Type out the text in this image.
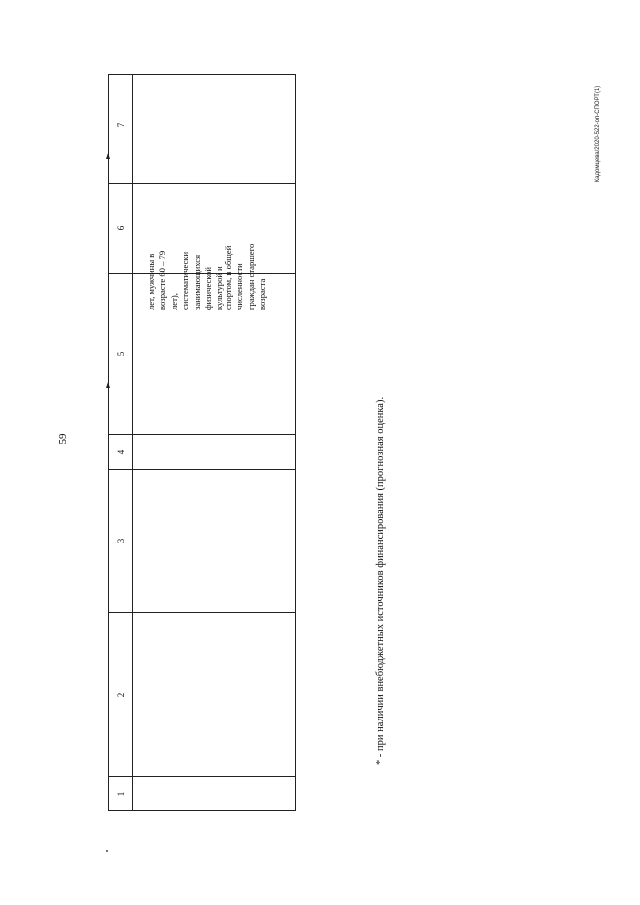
59
Кадомцева/2020-522-оп-СПОРТ(1)
7
6
5
4
3
2
1
лет, мужчины в возрасте 60 – 79 лет), систематически занимающихся физической культурой и
спортом, в общей численности граждан старшего возраста
* - при наличии внебюджетных источников финансирования (прогнозная оценка).
